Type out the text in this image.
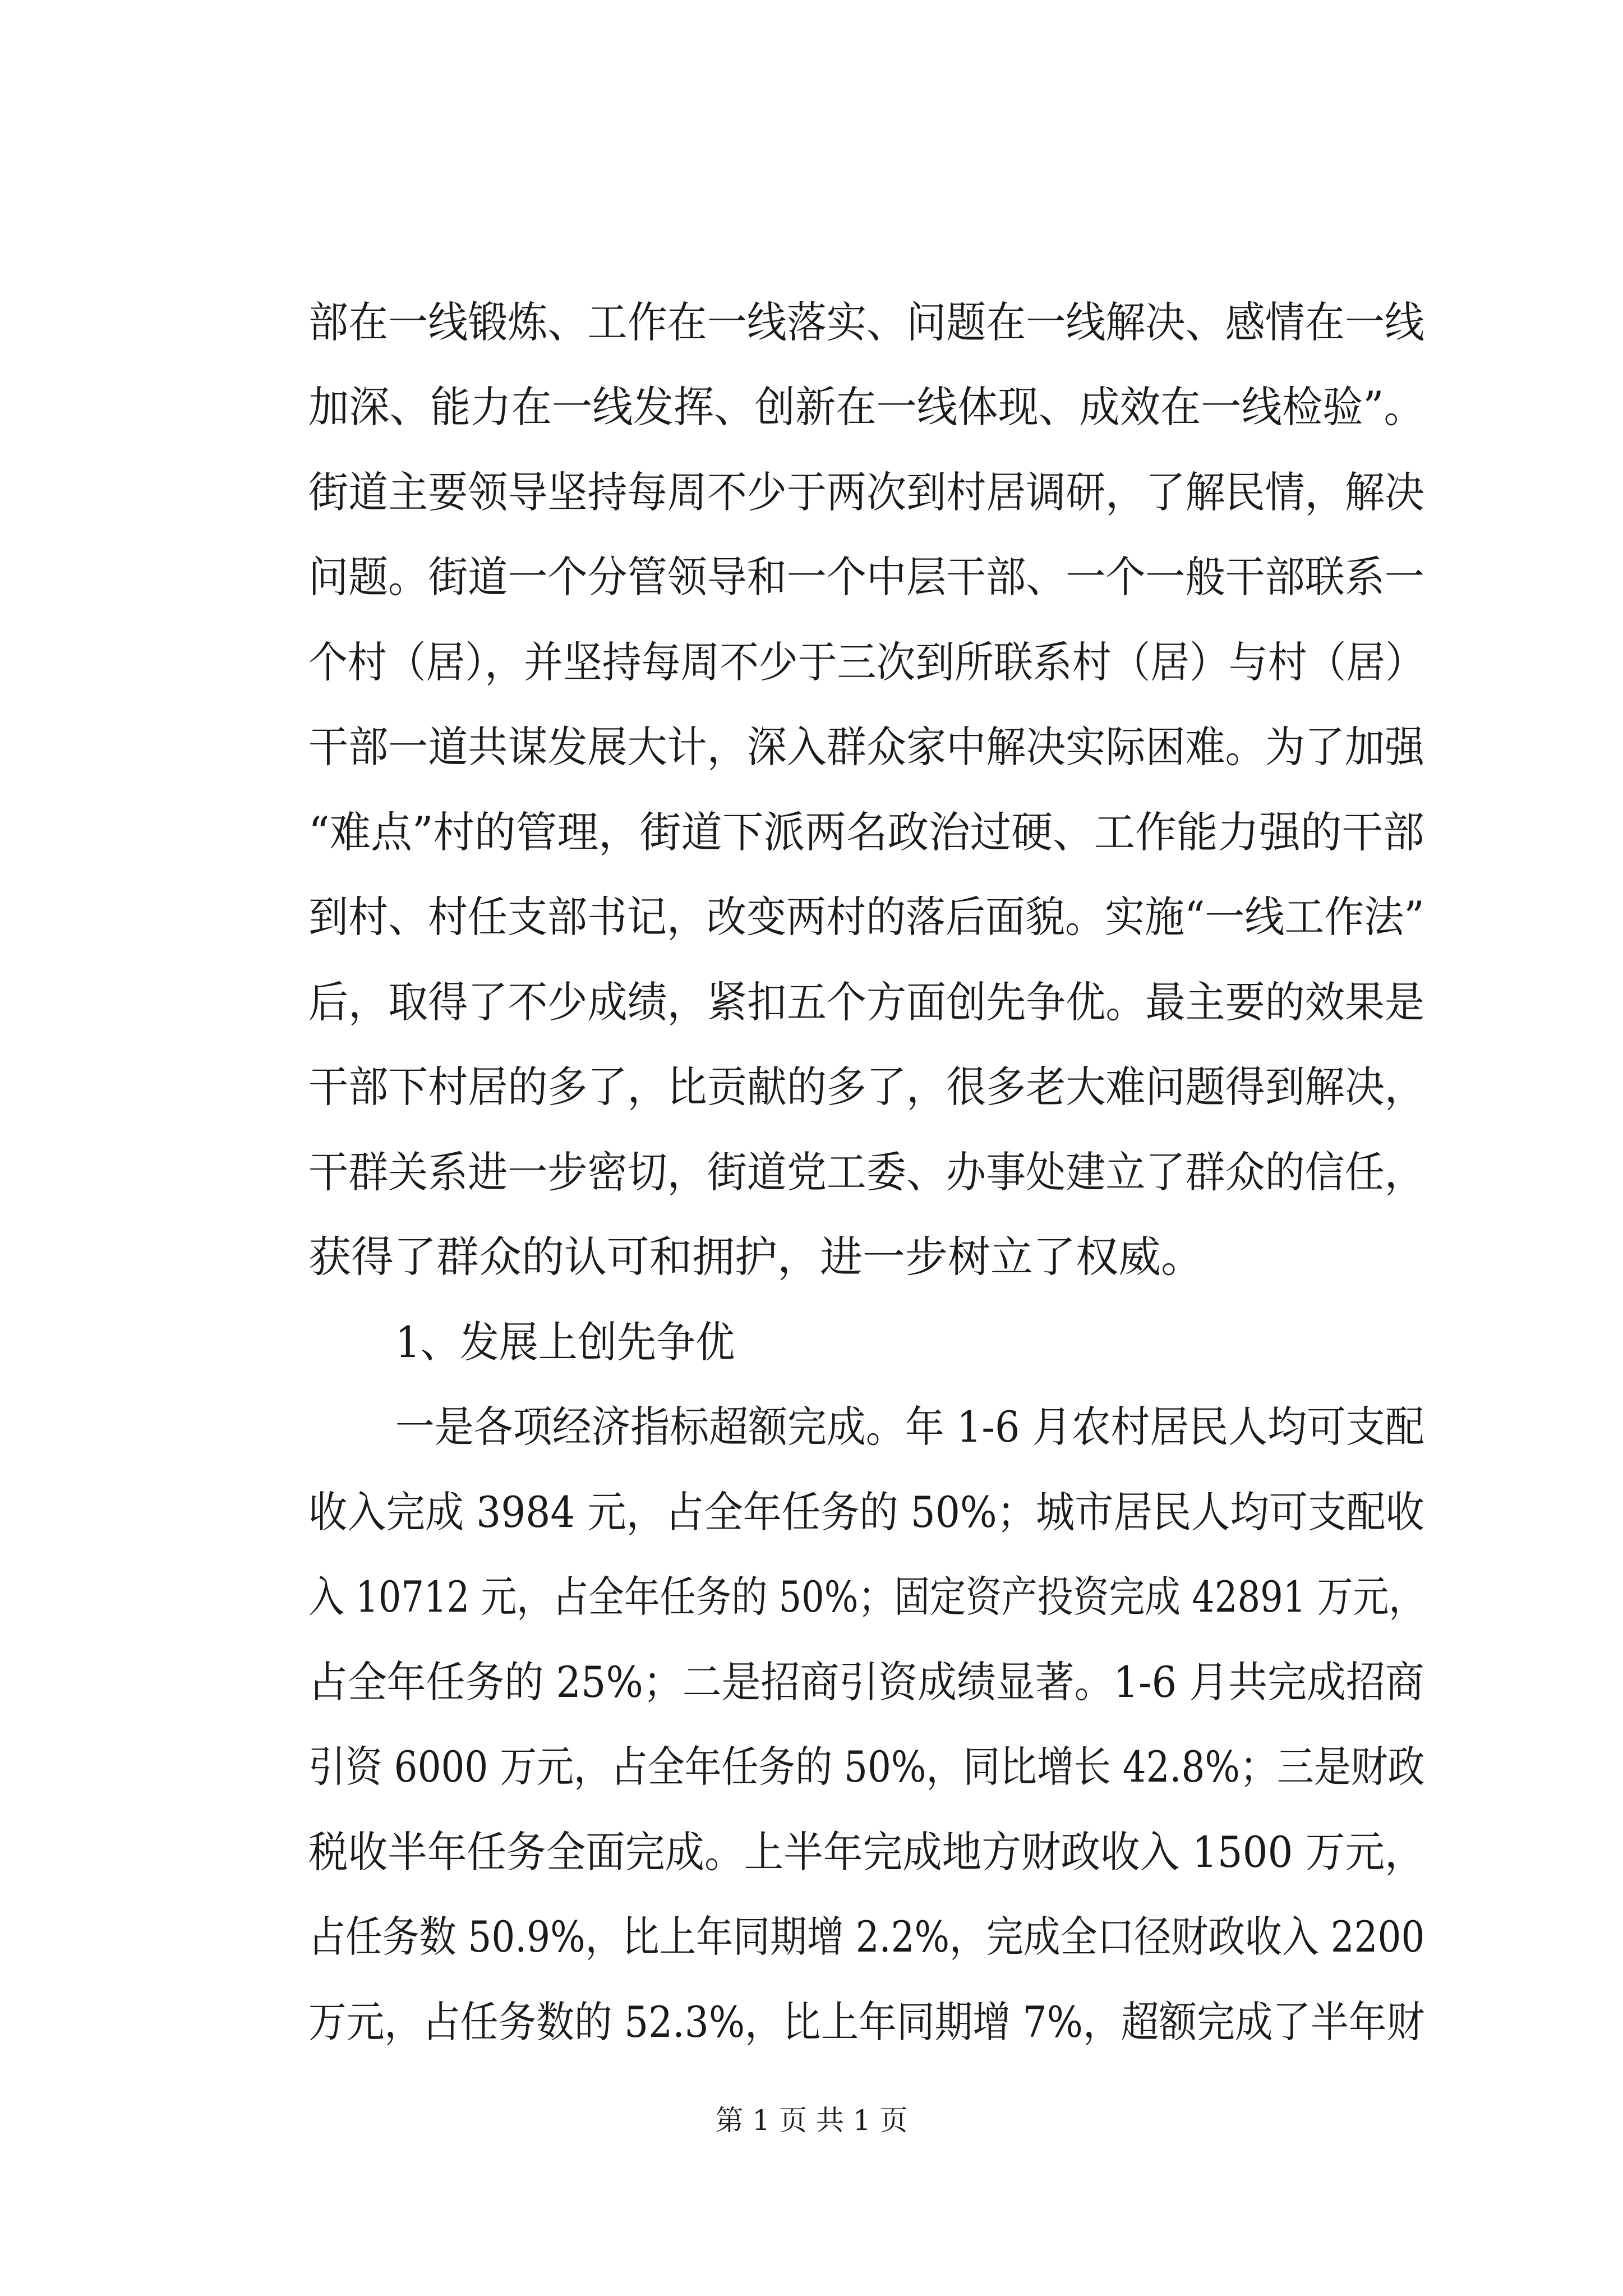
部在一线锻炼、工作在一线落实、问题在一线解决、感情在一线
加深、能力在一线发挥、创新在一线体现、成效在一线检验”。
街道主要领导坚持每周不少于两次到村居调研，了解民情，解决
问题。街道一个分管领导和一个中层干部、一个一般干部联系一
个村（居），并坚持每周不少于三次到所联系村（居）与村（居）
干部一道共谋发展大计，深入群众家中解决实际困难。为了加强
“难点”村的管理，街道下派两名政治过硬、工作能力强的干部
到村、村任支部书记，改变两村的落后面貌。实施“一线工作法”
后，取得了不少成绩，紧扣五个方面创先争优。最主要的效果是
干部下村居的多了，比贡献的多了，很多老大难问题得到解决，
干群关系进一步密切，街道党工委、办事处建立了群众的信任，
获得了群众的认可和拥护，进一步树立了权威。
1、发展上创先争优
一是各项经济指标超额完成。年 1-6 月农村居民人均可支配
收入完成 3984 元，占全年任务的 50%；城市居民人均可支配收
入 10712 元，占全年任务的 50%；固定资产投资完成 42891 万元，
占全年任务的 25%；二是招商引资成绩显著。1-6 月共完成招商
引资 6000 万元，占全年任务的 50%，同比增长 42.8%；三是财政
税收半年任务全面完成。上半年完成地方财政收入 1500 万元，
占任务数 50.9%，比上年同期增 2.2%，完成全口径财政收入 2200
万元，占任务数的 52.3%，比上年同期增 7%，超额完成了半年财
第 1 页 共 1 页
